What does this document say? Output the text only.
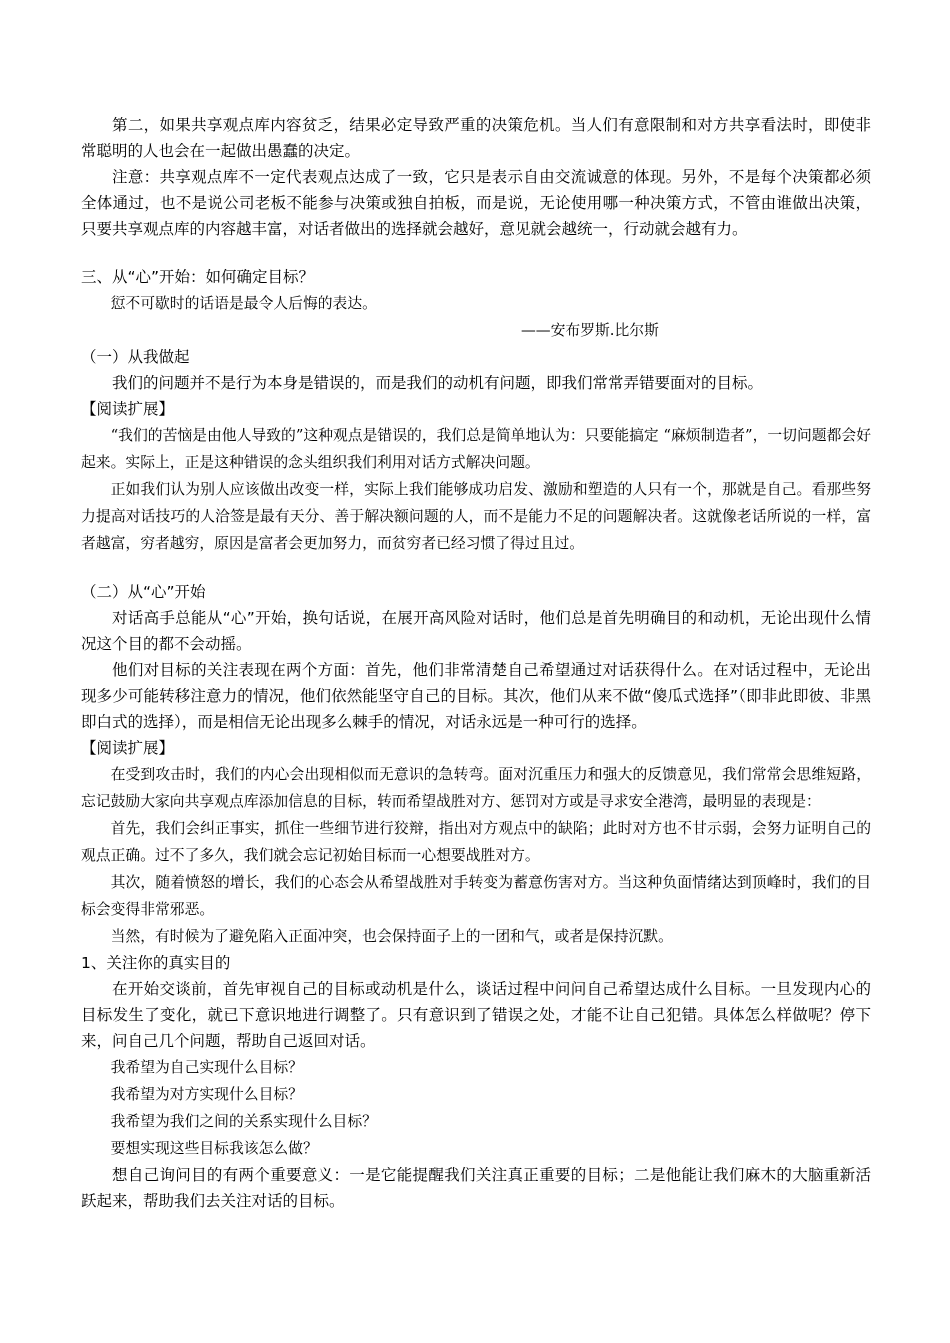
第二，如果共享观点库内容贫乏，结果必定导致严重的决策危机。当人们有意限制和对方共享看法时，即使非常聪明的人也会在一起做出愚蠢的决定。

注意：共享观点库不一定代表观点达成了一致，它只是表示自由交流诚意的体现。另外，不是每个决策都必须全体通过，也不是说公司老板不能参与决策或独自拍板，而是说，无论使用哪一种决策方式，不管由谁做出决策，只要共享观点库的内容越丰富，对话者做出的选择就会越好，意见就会越统一，行动就会越有力。

三、从“心”开始：如何确定目标？

愆不可歇时的话语是最令人后悔的表达。

——安布罗斯.比尔斯

（一）从我做起

我们的问题并不是行为本身是错误的，而是我们的动机有问题，即我们常常弄错要面对的目标。

【阅读扩展】

“我们的苦恼是由他人导致的”这种观点是错误的，我们总是简单地认为：只要能搞定 “麻烦制造者”，一切问题都会好起来。实际上，正是这种错误的念头组织我们利用对话方式解决问题。

正如我们认为别人应该做出改变一样，实际上我们能够成功启发、激励和塑造的人只有一个，那就是自己。看那些努力提高对话技巧的人洽签是最有天分、善于解决额问题的人，而不是能力不足的问题解决者。这就像老话所说的一样，富者越富，穷者越穷，原因是富者会更加努力，而贫穷者已经习惯了得过且过。

（二）从“心”开始

对话高手总能从“心”开始，换句话说，在展开高风险对话时，他们总是首先明确目的和动机，无论出现什么情况这个目的都不会动摇。

他们对目标的关注表现在两个方面：首先，他们非常清楚自己希望通过对话获得什么。在对话过程中，无论出现多少可能转移注意力的情况，他们依然能坚守自己的目标。其次，他们从来不做“傻瓜式选择”（即非此即彼、非黑即白式的选择），而是相信无论出现多么棘手的情况，对话永远是一种可行的选择。

【阅读扩展】

在受到攻击时，我们的内心会出现相似而无意识的急转弯。面对沉重压力和强大的反馈意见，我们常常会思维短路，忘记鼓励大家向共享观点库添加信息的目标，转而希望战胜对方、惩罚对方或是寻求安全港湾，最明显的表现是：

首先，我们会纠正事实，抓住一些细节进行狡辩，指出对方观点中的缺陷；此时对方也不甘示弱，会努力证明自己的观点正确。过不了多久，我们就会忘记初始目标而一心想要战胜对方。

其次，随着愤怒的增长，我们的心态会从希望战胜对手转变为蓄意伤害对方。当这种负面情绪达到顶峰时，我们的目标会变得非常邪恶。

当然，有时候为了避免陷入正面冲突，也会保持面子上的一团和气，或者是保持沉默。

1、关注你的真实目的

在开始交谈前，首先审视自己的目标或动机是什么，谈话过程中问问自己希望达成什么目标。一旦发现内心的目标发生了变化，就已下意识地进行调整了。只有意识到了错误之处，才能不让自己犯错。具体怎么样做呢？停下来，问自己几个问题，帮助自己返回对话。

我希望为自己实现什么目标？

我希望为对方实现什么目标？

我希望为我们之间的关系实现什么目标？

要想实现这些目标我该怎么做？

想自己询问目的有两个重要意义：一是它能提醒我们关注真正重要的目标；二是他能让我们麻木的大脑重新活跃起来，帮助我们去关注对话的目标。
